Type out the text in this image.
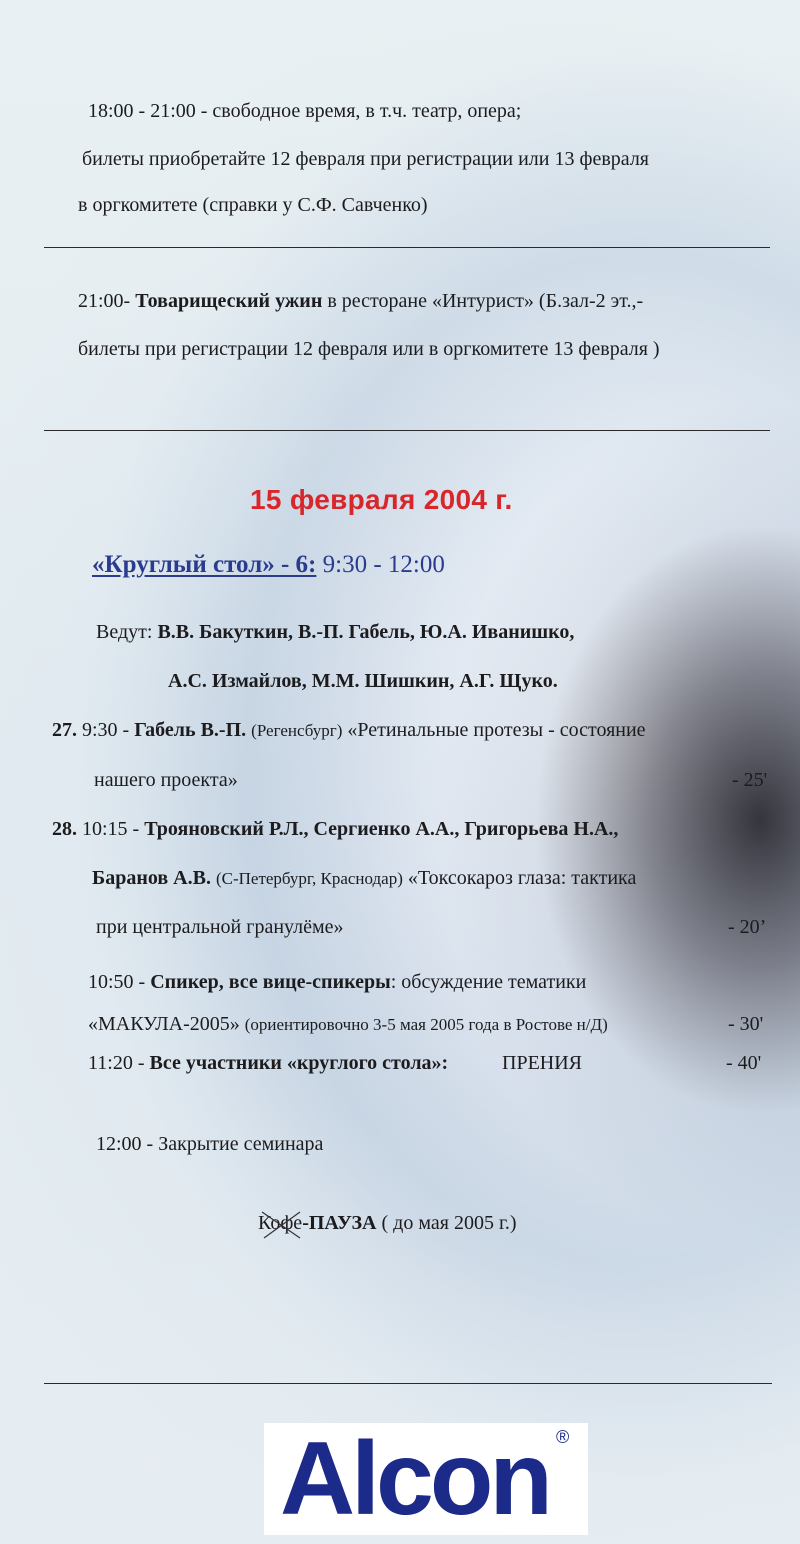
18:00 - 21:00 - свободное время, в т.ч. театр, опера;
билеты приобретайте 12 февраля при регистрации или 13 февраля
в оргкомитете (справки у С.Ф. Савченко)
21:00- Товарищеский ужин в ресторане «Интурист» (Б.зал-2 эт.,-
билеты при регистрации 12 февраля или в оргкомитете 13 февраля )
15 февраля 2004 г.
«Круглый стол» - 6: 9:30 - 12:00
Ведут: В.В. Бакуткин, В.-П. Габель, Ю.А. Иванишко,
А.С. Измайлов, М.М. Шишкин, А.Г. Щуко.
27. 9:30 - Габель В.-П. (Регенсбург) «Ретинальные протезы - состояние
нашего проекта»	- 25'
28. 10:15 - Трояновский Р.Л., Сергиенко А.А., Григорьева Н.А.,
Баранов А.В. (С-Петербург, Краснодар) «Токсокароз глаза: тактика
при центральной гранулёме»	- 20’
10:50 - Спикер, все вице-спикеры: обсуждение тематики
«МАКУЛА-2005» (ориентировочно 3-5 мая 2005 года в Ростове н/Д)	- 30'
11:20 - Все участники «круглого стола»:	ПРЕНИЯ	- 40'
12:00 - Закрытие семинара
Кофе
-ПАУЗА ( до мая 2005 г.)
Alcon ®
